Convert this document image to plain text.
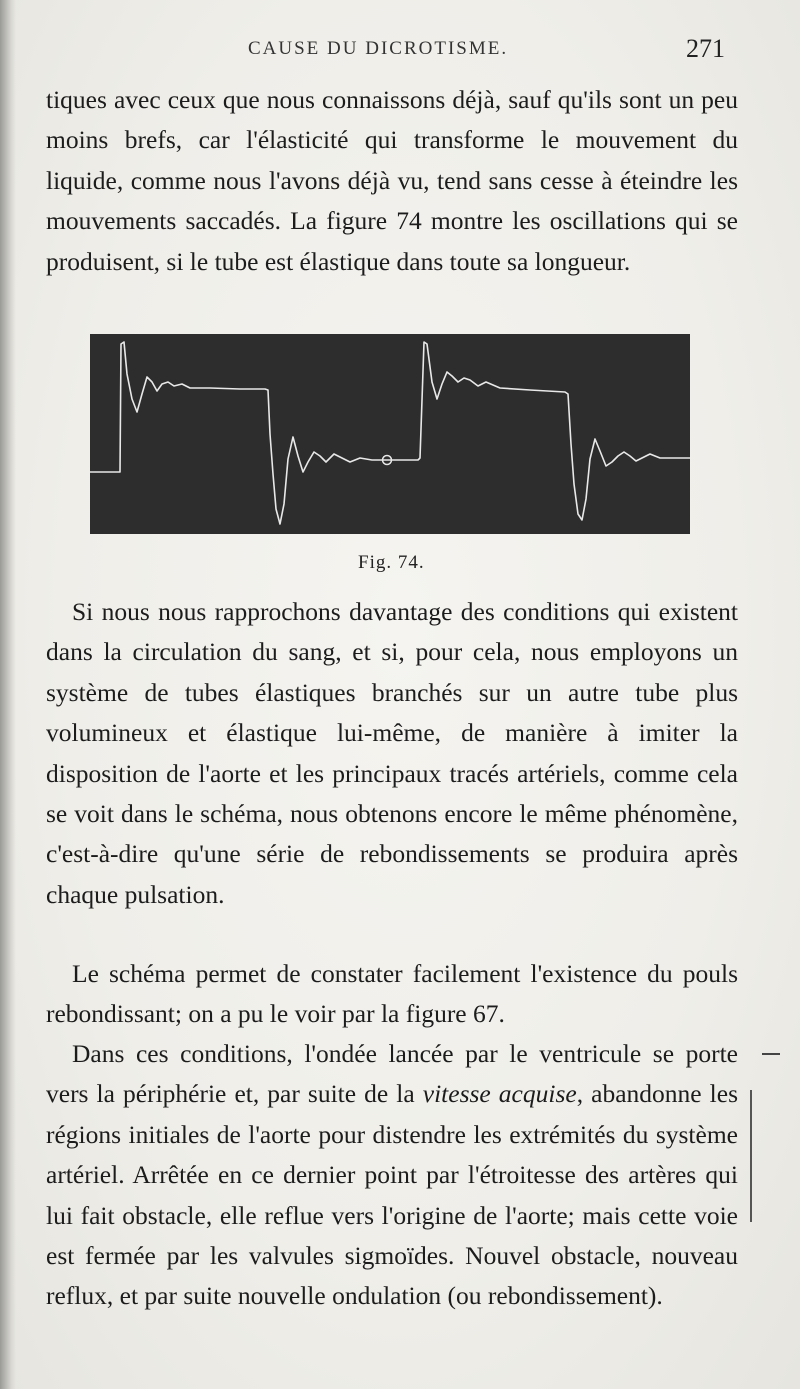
CAUSE DU DICROTISME.	271

tiques avec ceux que nous connaissons déjà, sauf qu'ils sont un peu moins brefs, car l'élasticité qui transforme le mouvement du liquide, comme nous l'avons déjà vu, tend sans cesse à éteindre les mouvements saccadés. La figure 74 montre les oscillations qui se produisent, si le tube est élastique dans toute sa longueur.

Fig. 74.

Si nous nous rapprochons davantage des conditions qui existent dans la circulation du sang, et si, pour cela, nous employons un système de tubes élastiques branchés sur un autre tube plus volumineux et élastique lui-même, de manière à imiter la disposition de l'aorte et les principaux tracés artériels, comme cela se voit dans le schéma, nous obtenons encore le même phénomène, c'est-à-dire qu'une série de rebondissements se produira après chaque pulsation.

Le schéma permet de constater facilement l'existence du pouls rebondissant; on a pu le voir par la figure 67.

Dans ces conditions, l'ondée lancée par le ventricule se porte vers la périphérie et, par suite de la vitesse acquise, abandonne les régions initiales de l'aorte pour distendre les extrémités du système artériel. Arrêtée en ce dernier point par l'étroitesse des artères qui lui fait obstacle, elle reflue vers l'origine de l'aorte; mais cette voie est fermée par les valvules sigmoïdes. Nouvel obstacle, nouveau reflux, et par suite nouvelle ondulation (ou rebondissement).
